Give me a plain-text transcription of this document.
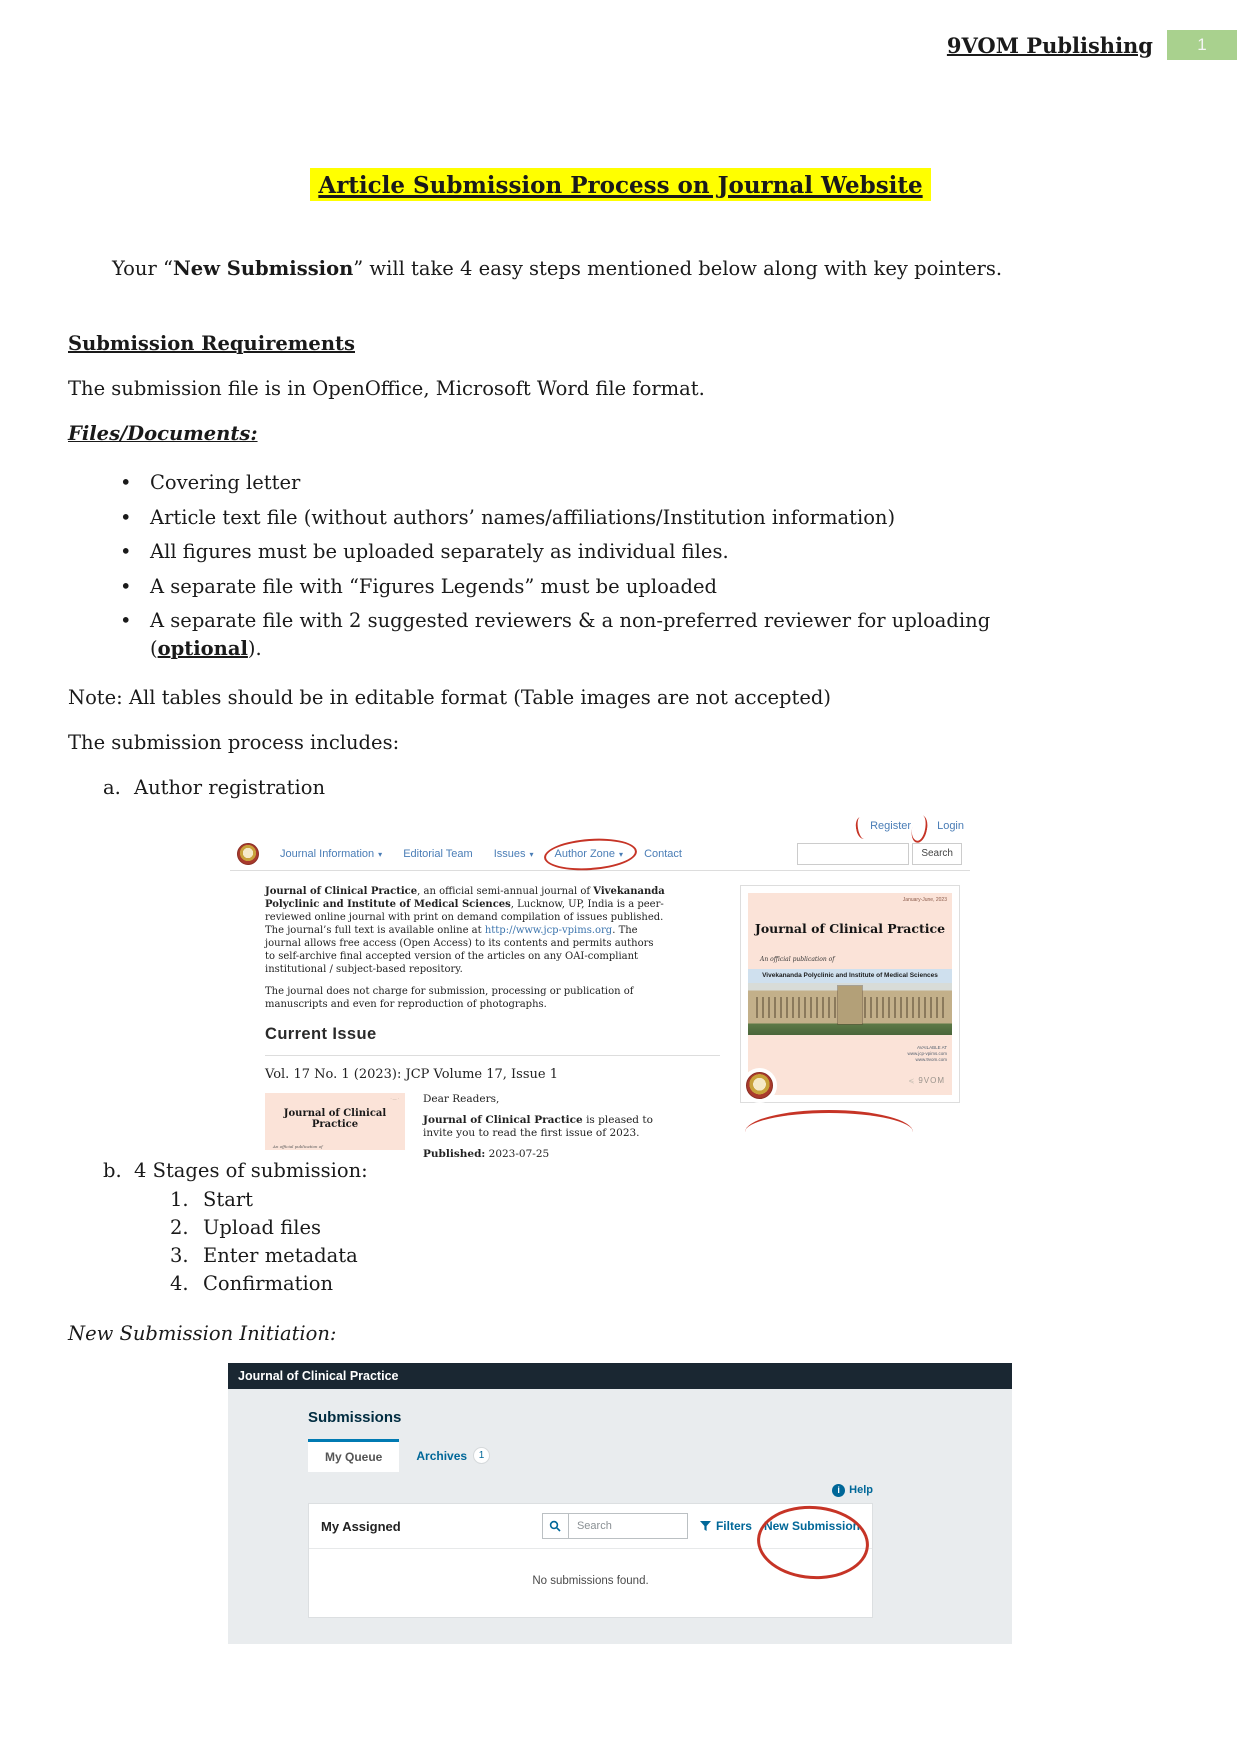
9VOM Publishing	1
Article Submission Process on Journal Website

Your “New Submission” will take 4 easy steps mentioned below along with key pointers.

Submission Requirements

The submission file is in OpenOffice, Microsoft Word file format.

Files/Documents:
• Covering letter
• Article text file (without authors’ names/affiliations/Institution information)
• All figures must be uploaded separately as individual files.
• A separate file with “Figures Legends” must be uploaded
• A separate file with 2 suggested reviewers & a non-preferred reviewer for uploading
(optional).

Note: All tables should be in editable format (Table images are not accepted)

The submission process includes:

a. Author registration
Register Login
Journal Information ▾ Editorial Team Issues ▾ Author Zone ▾ Contact	Search

Journal of Clinical Practice, an official semi-annual journal of Vivekananda Polyclinic and Institute of Medical Sciences, Lucknow, UP, India is a peer-reviewed online journal with print on demand compilation of issues published. The journal’s full text is available online at http://www.jcp-vpims.org. The journal allows free access (Open Access) to its contents and permits authors to self-archive final accepted version of the articles on any OAI-compliant institutional / subject-based repository.

The journal does not charge for submission, processing or publication of manuscripts and even for reproduction of photographs.

Current Issue
Vol. 17 No. 1 (2023): JCP Volume 17, Issue 1
·—·
Journal of Clinical Practice
An official publication of

Dear Readers,

Journal of Clinical Practice is pleased to invite you to read the first issue of 2023.

Published: 2023-07-25

January-June, 2023
Journal of Clinical Practice
An official publication of
Vivekananda Polyclinic and Institute of Medical Sciences
AVAILABLE AT
www.jcp-vpims.com
www.9vom.com
≼ 9VOM
b. 4 Stages of submission:
1. Start
2. Upload files
3. Enter metadata
4. Confirmation

New Submission Initiation:

Journal of Clinical Practice
Submissions
My Queue	Archives	1
i Help
My Assigned
Search	Filters New Submission
No submissions found.
